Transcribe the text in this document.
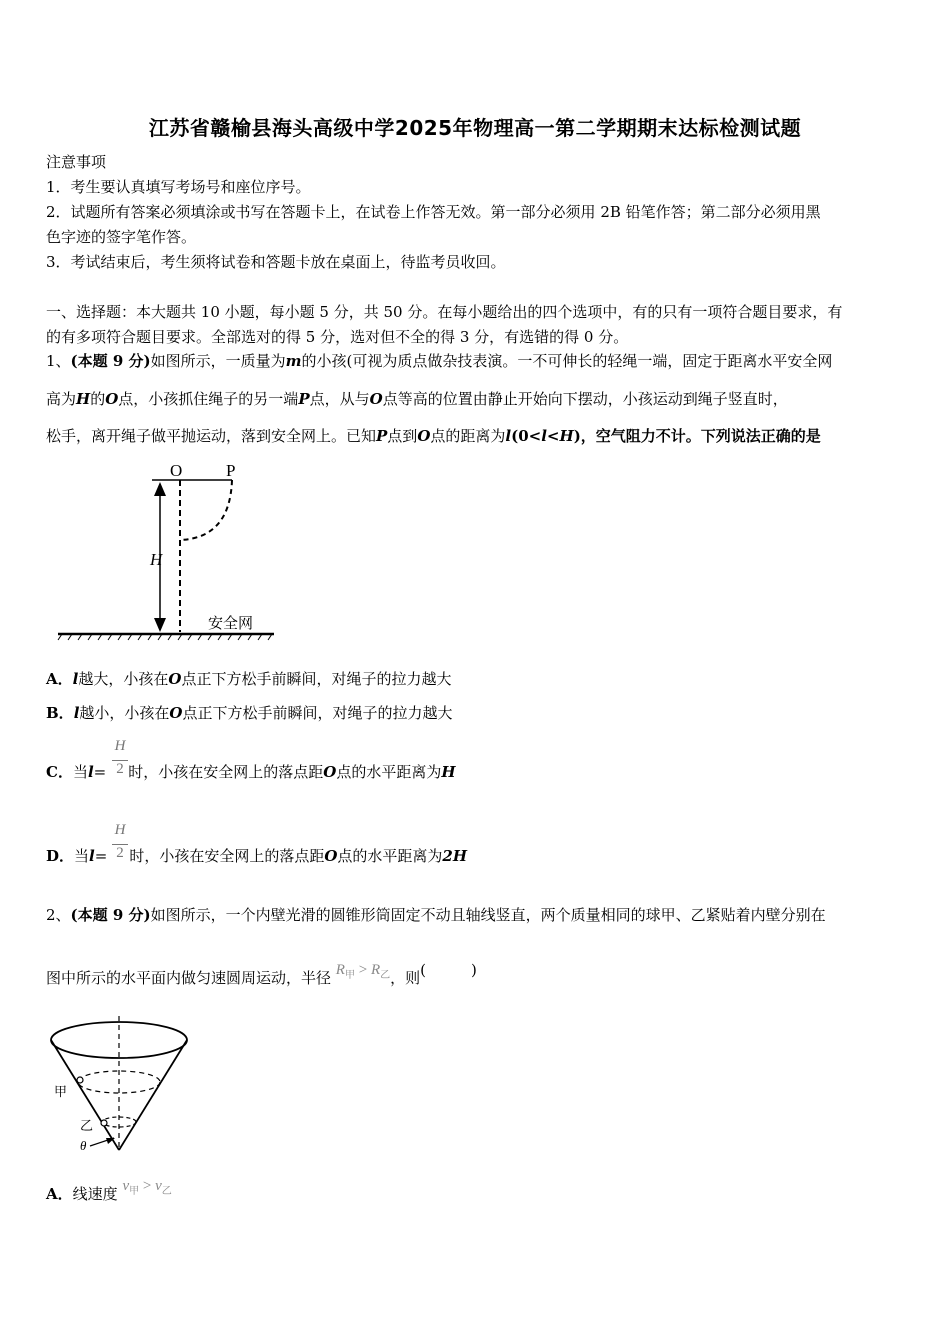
江苏省赣榆县海头高级中学2025年物理高一第二学期期末达标检测试题
注意事项
1．考生要认真填写考场号和座位序号。
2．试题所有答案必须填涂或书写在答题卡上，在试卷上作答无效。第一部分必须用 2B 铅笔作答；第二部分必须用黑
色字迹的签字笔作答。
3．考试结束后，考生须将试卷和答题卡放在桌面上，待监考员收回。
一、选择题：本大题共 10 小题，每小题 5 分，共 50 分。在每小题给出的四个选项中，有的只有一项符合题目要求，有
的有多项符合题目要求。全部选对的得 5 分，选对但不全的得 3 分，有选错的得 0 分。
1、(本题 9 分)如图所示，一质量为m的小孩(可视为质点做杂技表演。一不可伸长的轻绳一端，固定于距离水平安全网
高为H的O点，小孩抓住绳子的另一端P点，从与O点等高的位置由静止开始向下摆动，小孩运动到绳子竖直时，
松手，离开绳子做平抛运动，落到安全网上。已知P点到O点的距离为l(0<l<H)，空气阻力不计。下列说法正确的是
O	P
H
安全网
A．l越大，小孩在O点正下方松手前瞬间，对绳子的拉力越大
B．l越小，小孩在O点正下方松手前瞬间，对绳子的拉力越大
H
2
C．当l= 时，小孩在安全网上的落点距O点的水平距离为H
H
2
D．当l= 时，小孩在安全网上的落点距O点的水平距离为2H
2、(本题 9 分)如图所示，一个内壁光滑的圆锥形筒固定不动且轴线竖直，两个质量相同的球甲、乙紧贴着内壁分别在
图中所示的水平面内做匀速圆周运动，半径 $R_甲 > R_乙$，则(　　　)
甲
乙
θ
A．线速度 $v_甲 > v_乙$
